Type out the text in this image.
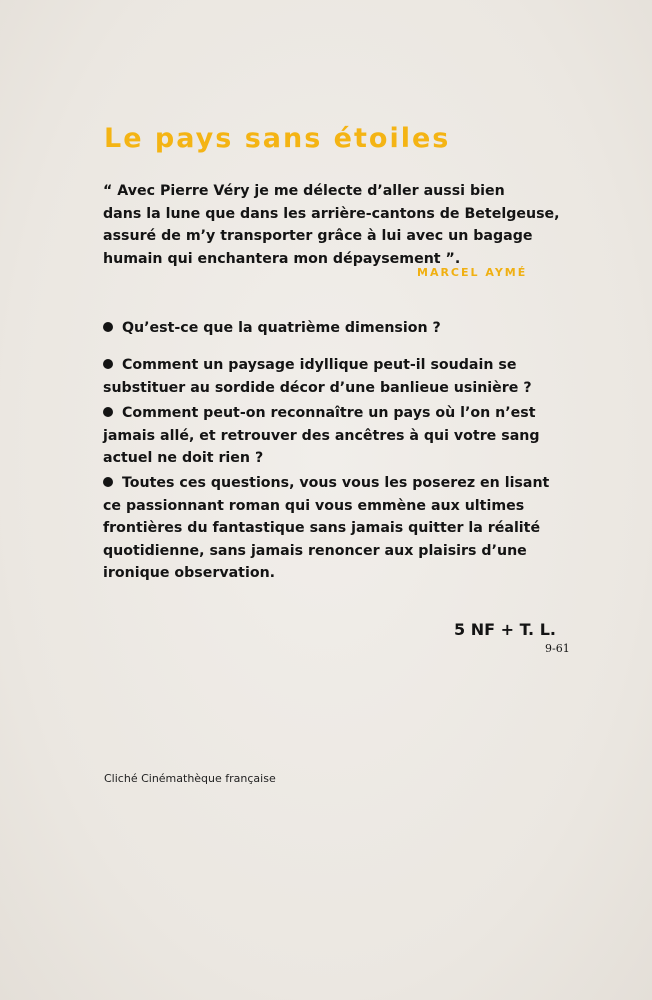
Le pays sans étoiles

“ Avec Pierre Véry je me délecte d’aller aussi bien
dans la lune que dans les arrière-cantons de Betelgeuse,
assuré de m’y transporter grâce à lui avec un bagage
humain qui enchantera mon dépaysement ”.

MARCEL AYMÉ

Qu’est-ce que la quatrième dimension ?

Comment un paysage idyllique peut-il soudain se
substituer au sordide décor d’une banlieue usinière ?

Comment peut-on reconnaître un pays où l’on n’est
jamais allé, et retrouver des ancêtres à qui votre sang
actuel ne doit rien ?

Toutes ces questions, vous vous les poserez en lisant
ce passionnant roman qui vous emmène aux ultimes
frontières du fantastique sans jamais quitter la réalité
quotidienne, sans jamais renoncer aux plaisirs d’une
ironique observation.

5 NF + T. L.

9-61

Cliché Cinémathèque française
